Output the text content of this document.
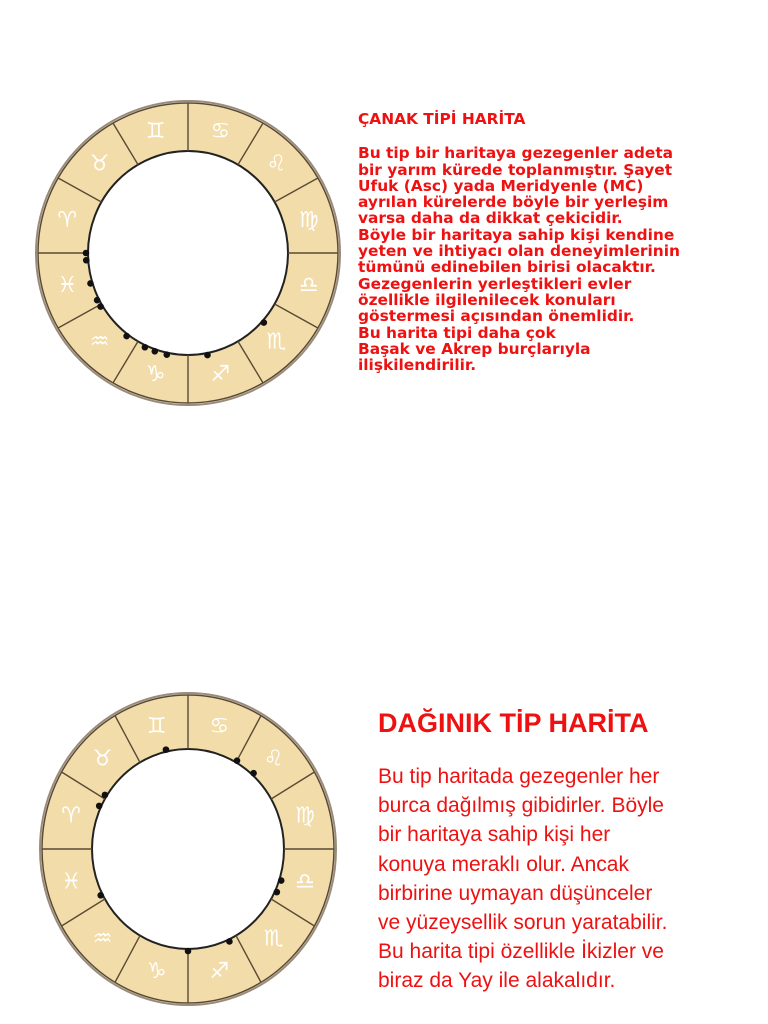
♈
♉
♊ ♋
♌
♍
♎
♏
♐
♑
♒
♓
ÇANAK TİPİ HARİTA
Bu tip bir haritaya gezegenler adeta
bir yarım kürede toplanmıştır. Şayet
Ufuk (Asc) yada Meridyenle (MC)
ayrılan kürelerde böyle bir yerleşim
varsa daha da dikkat çekicidir.
Böyle bir haritaya sahip kişi kendine
yeten ve ihtiyacı olan deneyimlerinin
tümünü edinebilen birisi olacaktır.
Gezegenlerin yerleştikleri evler
özellikle ilgilenilecek konuları
göstermesi açısından önemlidir.
Bu harita tipi daha çok
Başak ve Akrep burçlarıyla
ilişkilendirilir.
♈
♉
♊ ♋
♌
♍
♎
♏
♐
♑
♒
♓
DAĞINIK TİP HARİTA
Bu tip haritada gezegenler her
burca dağılmış gibidirler. Böyle
bir haritaya sahip kişi her
konuya meraklı olur. Ancak
birbirine uymayan düşünceler
ve yüzeysellik sorun yaratabilir.
Bu harita tipi özellikle İkizler ve
biraz da Yay ile alakalıdır.
